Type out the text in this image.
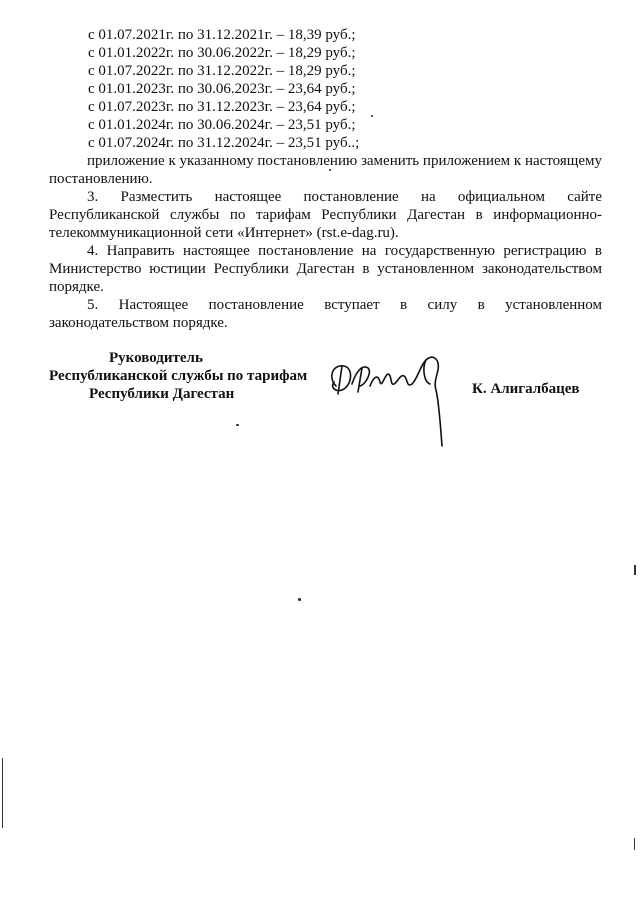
с 01.07.2021г. по 31.12.2021г. – 18,39 руб.;
с 01.01.2022г. по 30.06.2022г. – 18,29 руб.;
с 01.07.2022г. по 31.12.2022г. – 18,29 руб.;
с 01.01.2023г. по 30.06.2023г. – 23,64 руб.;
с 01.07.2023г. по 31.12.2023г. – 23,64 руб.;
с 01.01.2024г. по 30.06.2024г. – 23,51 руб.;
с 01.07.2024г. по 31.12.2024г. – 23,51 руб..;

приложение к указанному постановлению заменить приложением к настоящему постановлению.

3. Разместить настоящее постановление на официальном сайте Республиканской службы по тарифам Республики Дагестан в информационно-телекоммуникационной сети «Интернет» (rst.e-dag.ru).

4. Направить настоящее постановление на государственную регистрацию в Министерство юстиции Республики Дагестан в установленном законодательством порядке.

5. Настоящее постановление вступает в силу в установленном законодательством порядке.

Руководитель
Республиканской службы по тарифам
Республики Дагестан	К. Алигалбацев
